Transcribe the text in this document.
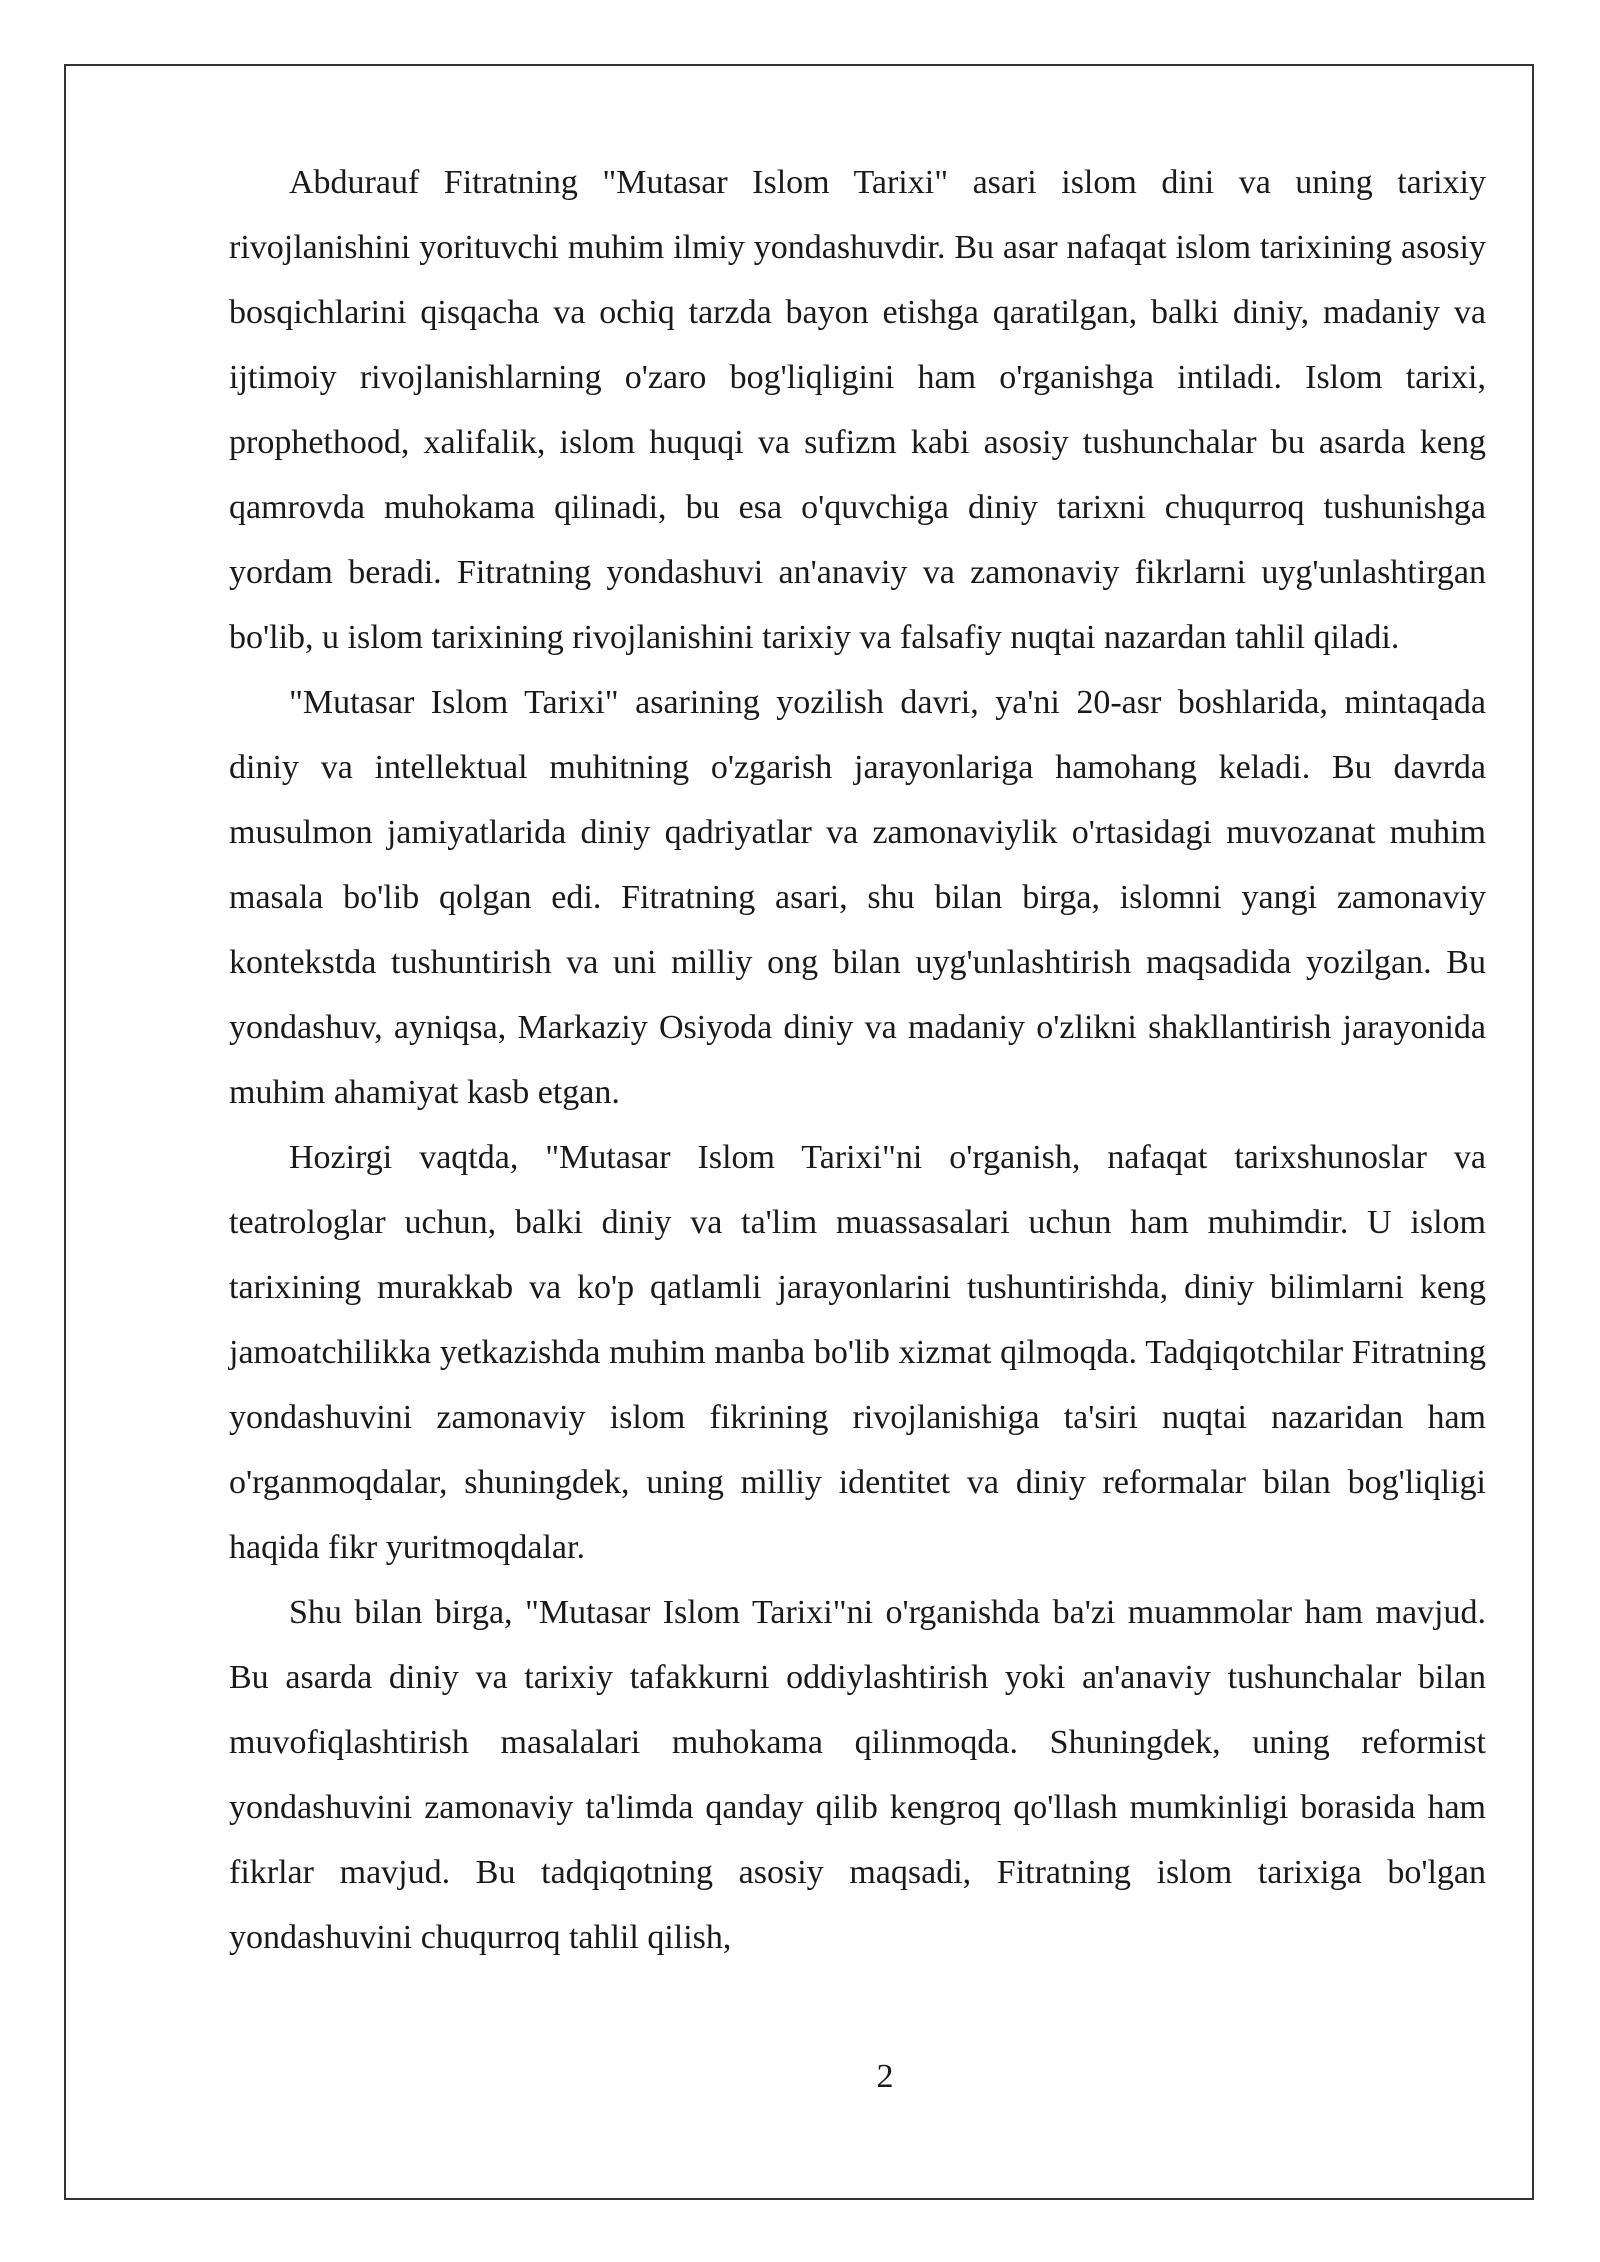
Abdurauf Fitratning "Mutasar Islom Tarixi" asari islom dini va uning tarixiy rivojlanishini yorituvchi muhim ilmiy yondashuvdir. Bu asar nafaqat islom tarixining asosiy bosqichlarini qisqacha va ochiq tarzda bayon etishga qaratilgan, balki diniy, madaniy va ijtimoiy rivojlanishlarning o'zaro bog'liqligini ham o'rganishga intiladi. Islom tarixi, prophethood, xalifalik, islom huquqi va sufizm kabi asosiy tushunchalar bu asarda keng qamrovda muhokama qilinadi, bu esa o'quvchiga diniy tarixni chuqurroq tushunishga yordam beradi. Fitratning yondashuvi an'anaviy va zamonaviy fikrlarni uyg'unlashtirgan bo'lib, u islom tarixining rivojlanishini tarixiy va falsafiy nuqtai nazardan tahlil qiladi.

"Mutasar Islom Tarixi" asarining yozilish davri, ya'ni 20-asr boshlarida, mintaqada diniy va intellektual muhitning o'zgarish jarayonlariga hamohang keladi. Bu davrda musulmon jamiyatlarida diniy qadriyatlar va zamonaviylik o'rtasidagi muvozanat muhim masala bo'lib qolgan edi. Fitratning asari, shu bilan birga, islomni yangi zamonaviy kontekstda tushuntirish va uni milliy ong bilan uyg'unlashtirish maqsadida yozilgan. Bu yondashuv, ayniqsa, Markaziy Osiyoda diniy va madaniy o'zlikni shakllantirish jarayonida muhim ahamiyat kasb etgan.

Hozirgi vaqtda, "Mutasar Islom Tarixi"ni o'rganish, nafaqat tarixshunoslar va teatrologlar uchun, balki diniy va ta'lim muassasalari uchun ham muhimdir. U islom tarixining murakkab va ko'p qatlamli jarayonlarini tushuntirishda, diniy bilimlarni keng jamoatchilikka yetkazishda muhim manba bo'lib xizmat qilmoqda. Tadqiqotchilar Fitratning yondashuvini zamonaviy islom fikrining rivojlanishiga ta'siri nuqtai nazaridan ham o'rganmoqdalar, shuningdek, uning milliy identitet va diniy reformalar bilan bog'liqligi haqida fikr yuritmoqdalar.

Shu bilan birga, "Mutasar Islom Tarixi"ni o'rganishda ba'zi muammolar ham mavjud. Bu asarda diniy va tarixiy tafakkurni oddiylashtirish yoki an'anaviy tushunchalar bilan muvofiqlashtirish masalalari muhokama qilinmoqda. Shuningdek, uning reformist yondashuvini zamonaviy ta'limda qanday qilib kengroq qo'llash mumkinligi borasida ham fikrlar mavjud. Bu tadqiqotning asosiy maqsadi, Fitratning islom tarixiga bo'lgan yondashuvini chuqurroq tahlil qilish,

2
